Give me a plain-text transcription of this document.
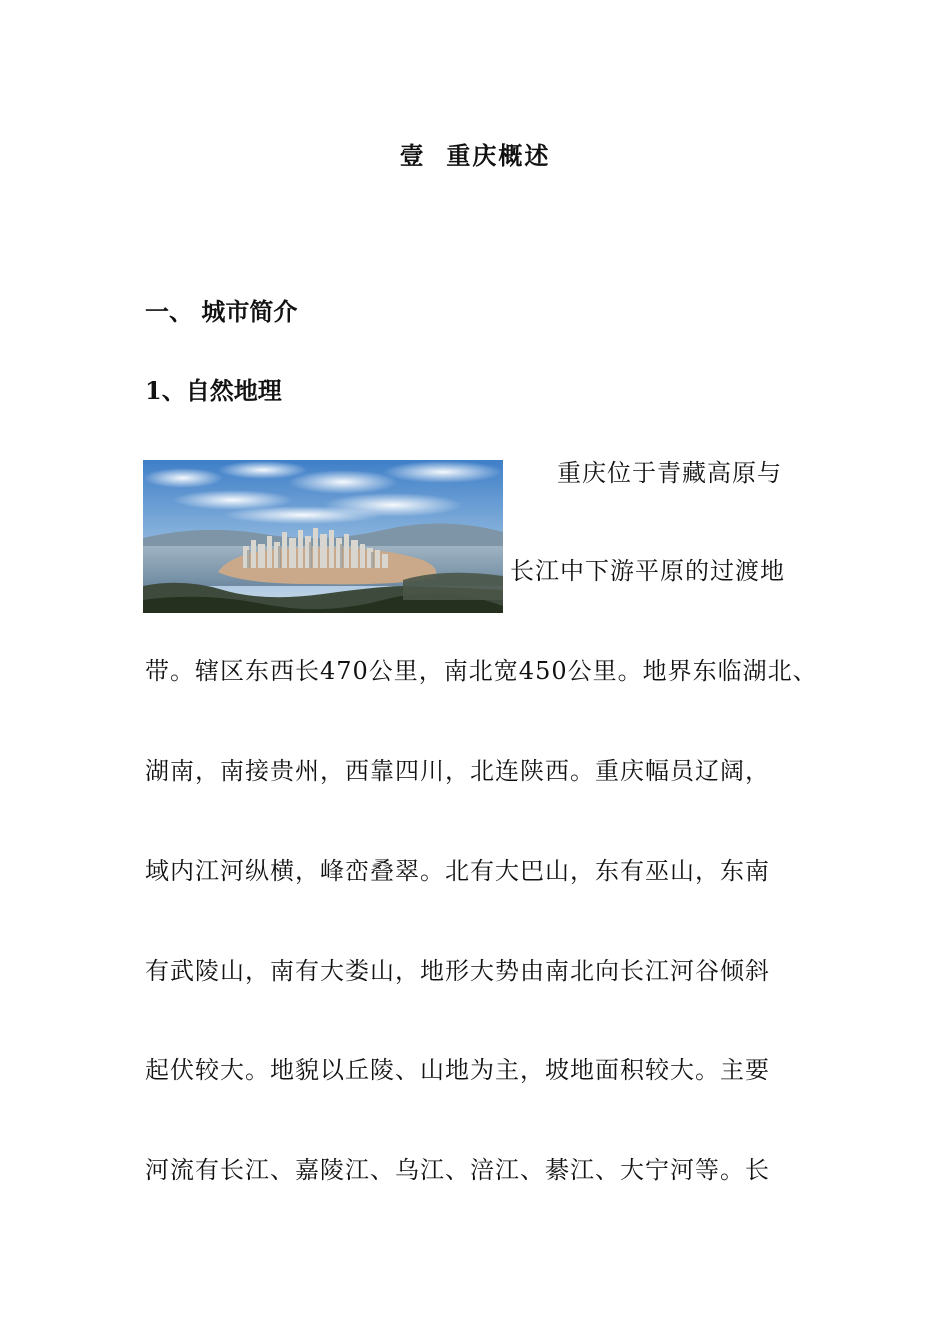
壹  重庆概述
一、 城市简介
1、自然地理
重庆位于青藏高原与
长江中下游平原的过渡地
带。辖区东西长470公里，南北宽450公里。地界东临湖北、
湖南，南接贵州，西靠四川，北连陕西。重庆幅员辽阔，
域内江河纵横，峰峦叠翠。北有大巴山，东有巫山，东南
有武陵山，南有大娄山，地形大势由南北向长江河谷倾斜
起伏较大。地貌以丘陵、山地为主，坡地面积较大。主要
河流有长江、嘉陵江、乌江、涪江、綦江、大宁河等。长
